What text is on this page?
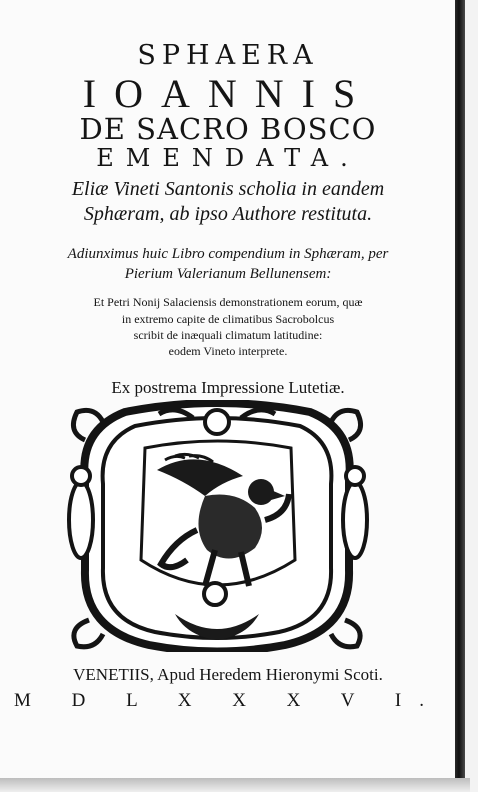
SPHAERA
IOANNIS
DE SACRO BOSCO
EMENDATA.
Eliæ Vineti Santonis scholia in eandem
Sphæram, ab ipso Authore restituta.
Adiunximus huic Libro compendium in Sphæram, per
Pierium Valerianum Bellunensem:
Et Petri Nonij Salaciensis demonstrationem eorum, quæ
in extremo capite de climatibus Sacrobolcus
scribit de inæquali climatum latitudine:
eodem Vineto interprete.
Ex postrema Impressione Lutetiæ.
VENETIIS, Apud Heredem Hieronymi Scoti.
M D L X X X V I.
